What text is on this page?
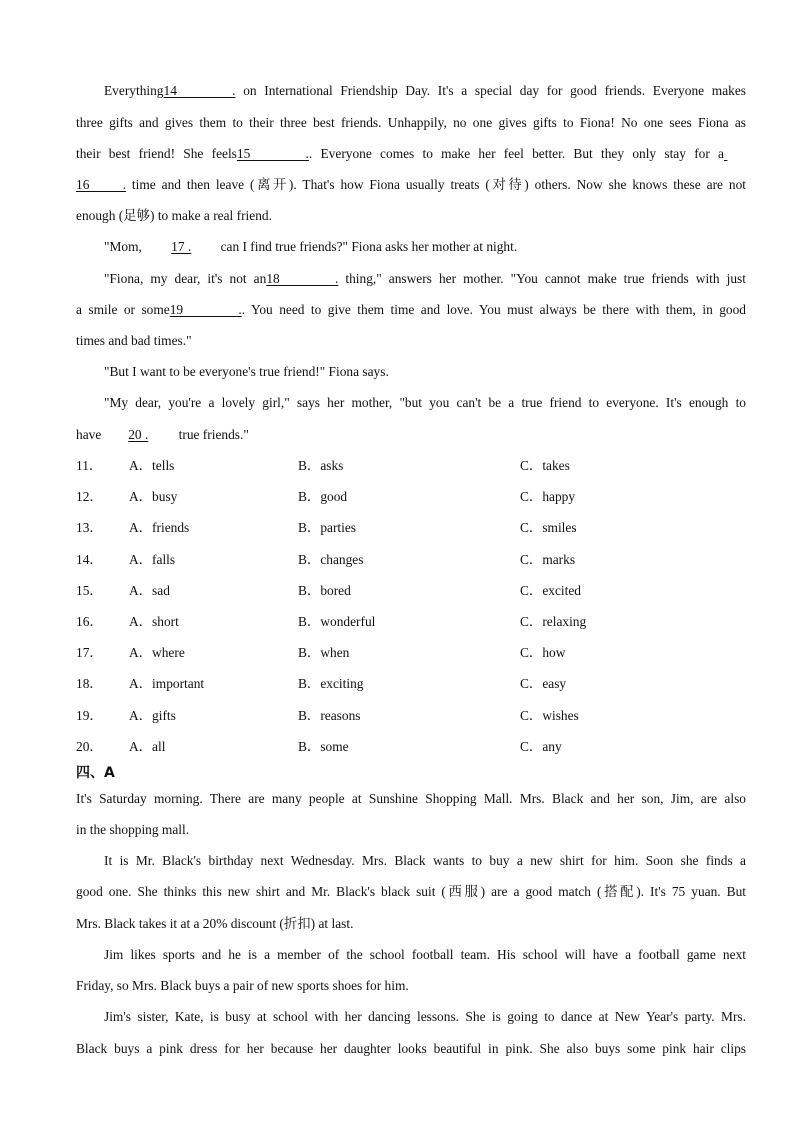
Everything14 . on International Friendship Day. It's a special day for good friends. Everyone makes
three gifts and gives them to their three best friends. Unhappily, no one gives gifts to Fiona! No one sees Fiona as
their best friend! She feels15 .. Everyone comes to make her feel better. But they only stay for a
16 . time and then leave (离开). That's how Fiona usually treats (对待) others. Now she knows these are not
enough (足够) to make a real friend.
"Mom, 17 . can I find true friends?" Fiona asks her mother at night.
"Fiona, my dear, it's not an18 . thing," answers her mother. "You cannot make true friends with just
a smile or some19 .. You need to give them time and love. You must always be there with them, in good
times and bad times."
"But I want to be everyone's true friend!" Fiona says.
"My dear, you're a lovely girl," says her mother, "but you can't be a true friend to everyone. It's enough to
have 20 . true friends."
11． A．tells	B．asks	C．takes
12． A．busy	B．good	C．happy
13． A．friends	B．parties	C．smiles
14． A．falls	B．changes	C．marks
15． A．sad	B．bored	C．excited
16． A．short	B．wonderful	C．relaxing
17． A．where	B．when	C．how
18． A．important	B．exciting	C．easy
19． A．gifts	B．reasons	C．wishes
20． A．all	B．some	C．any
四、A
It's Saturday morning. There are many people at Sunshine Shopping Mall. Mrs. Black and her son, Jim, are also
in the shopping mall.
It is Mr. Black's birthday next Wednesday. Mrs. Black wants to buy a new shirt for him. Soon she finds a
good one. She thinks this new shirt and Mr. Black's black suit (西服) are a good match (搭配). It's 75 yuan. But
Mrs. Black takes it at a 20% discount (折扣) at last.
Jim likes sports and he is a member of the school football team. His school will have a football game next
Friday, so Mrs. Black buys a pair of new sports shoes for him.
Jim's sister, Kate, is busy at school with her dancing lessons. She is going to dance at New Year's party. Mrs.
Black buys a pink dress for her because her daughter looks beautiful in pink. She also buys some pink hair clips
